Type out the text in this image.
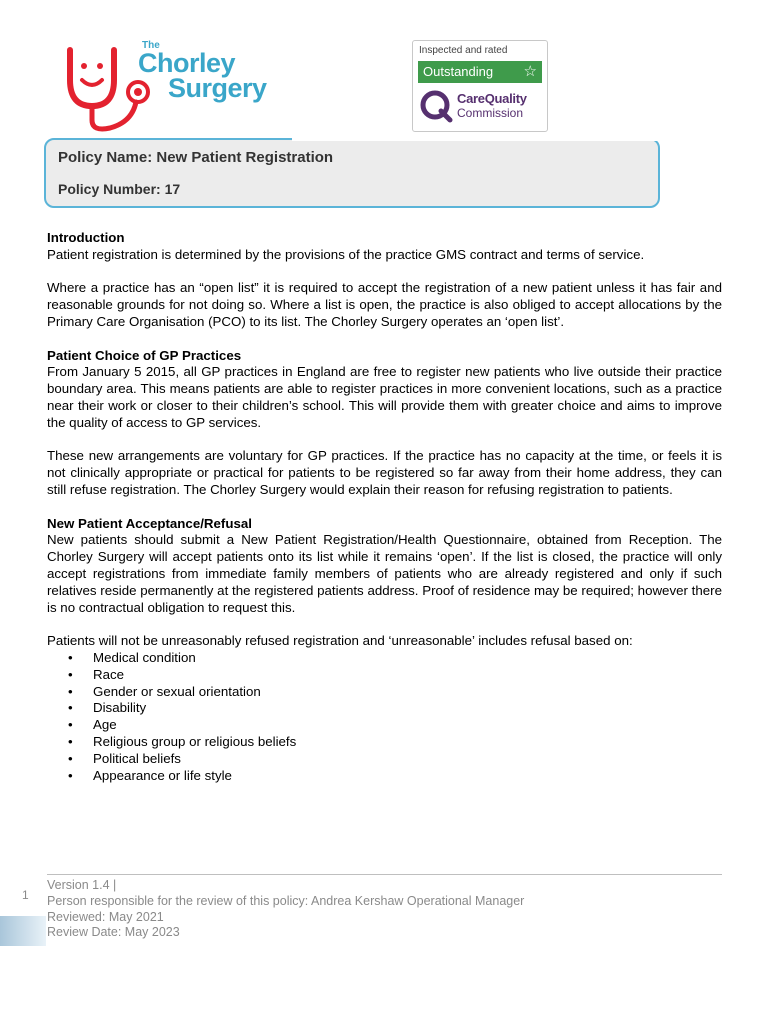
The
Chorley
Surgery
Inspected and rated
Outstanding ☆
CareQuality
Commission
Policy Name: New Patient Registration
Policy Number: 17
Introduction

Patient registration is determined by the provisions of the practice GMS contract and terms of service.

Where a practice has an “open list” it is required to accept the registration of a new patient unless it has fair and reasonable grounds for not doing so. Where a list is open, the practice is also obliged to accept allocations by the Primary Care Organisation (PCO) to its list. The Chorley Surgery operates an ‘open list’.

Patient Choice of GP Practices

From January 5 2015, all GP practices in England are free to register new patients who live outside their practice boundary area. This means patients are able to register practices in more convenient locations, such as a practice near their work or closer to their children’s school. This will provide them with greater choice and aims to improve the quality of access to GP services.

These new arrangements are voluntary for GP practices. If the practice has no capacity at the time, or feels it is not clinically appropriate or practical for patients to be registered so far away from their home address, they can still refuse registration. The Chorley Surgery would explain their reason for refusing registration to patients.

New Patient Acceptance/Refusal

New patients should submit a New Patient Registration/Health Questionnaire, obtained from Reception. The Chorley Surgery will accept patients onto its list while it remains ‘open’. If the list is closed, the practice will only accept registrations from immediate family members of patients who are already registered and only if such relatives reside permanently at the registered patients address. Proof of residence may be required; however there is no contractual obligation to request this.

Patients will not be unreasonably refused registration and ‘unreasonable’ includes refusal based on:

• Medical condition
• Race
• Gender or sexual orientation
• Disability
• Age
• Religious group or religious beliefs
• Political beliefs
• Appearance or life style
1
Version 1.4 |
Person responsible for the review of this policy: Andrea Kershaw Operational Manager
Reviewed: May 2021
Review Date: May 2023
